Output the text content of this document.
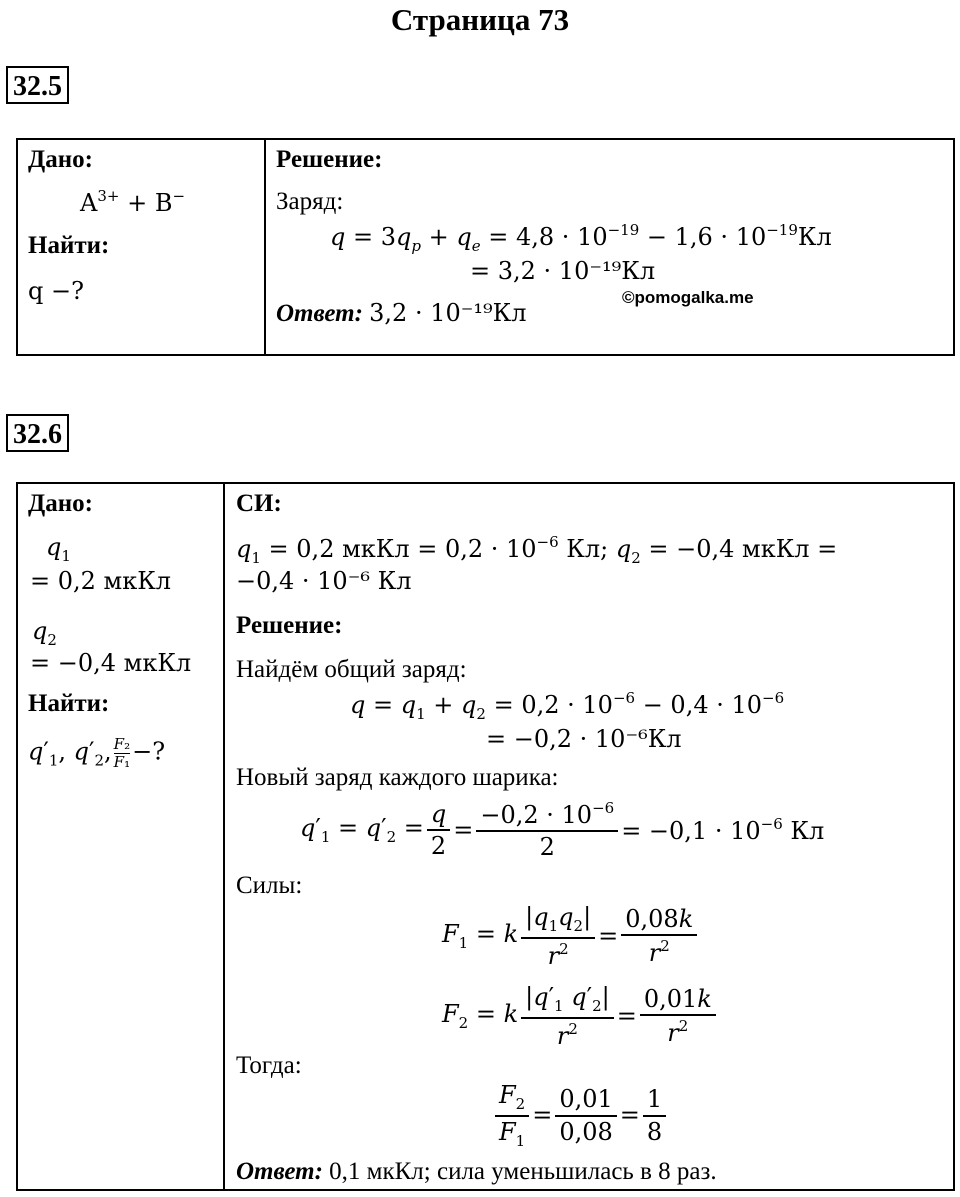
Страница 73
32.5
Дано:
$A^{3+} + B^-$
Найти:
q −?
Решение:
Заряд:
$q = 3q_p + q_e = 4,8 \cdot 10^{-19} - 1,6 \cdot 10^{-19}Кл$
= 3,2 · 10⁻¹⁹Кл
©pomogalka.me
Ответ: 3,2 · 10⁻¹⁹Кл
32.6
Дано:
$q_1$
= 0,2 мкКл
$q_2$
= −0,4 мкКл
Найти:
$q'_1$, $q'_2$, $\frac{\text{F₂}}{\text{F₁}}$ −?
СИ:
$q_1 = 0,2$ мкКл = $0,2 \cdot 10^{-6}$ Кл; $q_2 = -0,4$ мкКл =
−0,4 · 10⁻⁶ Кл
Решение:
Найдём общий заряд:
$q = q_1 + q_2 = 0,2 \cdot 10^{-6} - 0,4 \cdot 10^{-6}$
= −0,2 · 10⁻⁶Кл
Новый заряд каждого шарика:
$q'_1 = q'_2 = \frac{q}{2} = \frac{-0,2 \cdot 10^{-6}}{2} = -0,1 \cdot 10^{-6}$ Кл
Силы:
$F_1 = k \frac{|q_1q_2|}{r^2} = \frac{0,08k}{r^2}$
$F_2 = k \frac{|q'_1 q'_2|}{r^2} = \frac{0,01k}{r^2}$
Тогда:
$\frac{F_2}{F_1} = \frac{0,01}{0,08} = \frac{1}{8}$
Ответ: 0,1 мкКл; сила уменьшилась в 8 раз.
